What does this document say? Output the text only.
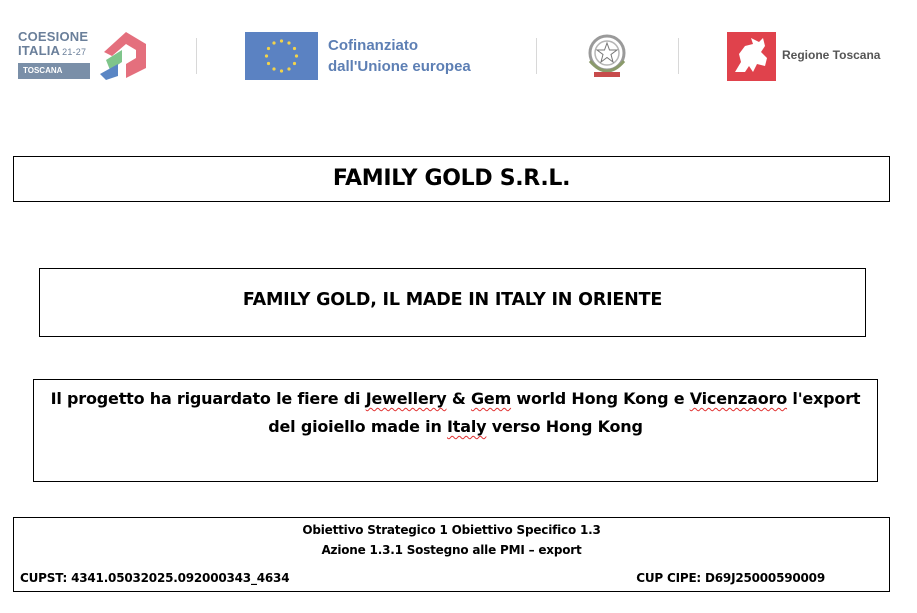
COESIONE
ITALIA 21-27
TOSCANA
Cofinanziato
dall'Unione europea
Regione Toscana
FAMILY GOLD S.R.L.
FAMILY GOLD, IL MADE IN ITALY IN ORIENTE
Il progetto ha riguardato le fiere di Jewellery & Gem world Hong Kong e Vicenzaoro l'export del gioiello made in Italy verso Hong Kong
Obiettivo Strategico 1 Obiettivo Specifico 1.3
Azione 1.3.1 Sostegno alle PMI – export
CUPST: 4341.05032025.092000343_4634	CUP CIPE: D69J25000590009
